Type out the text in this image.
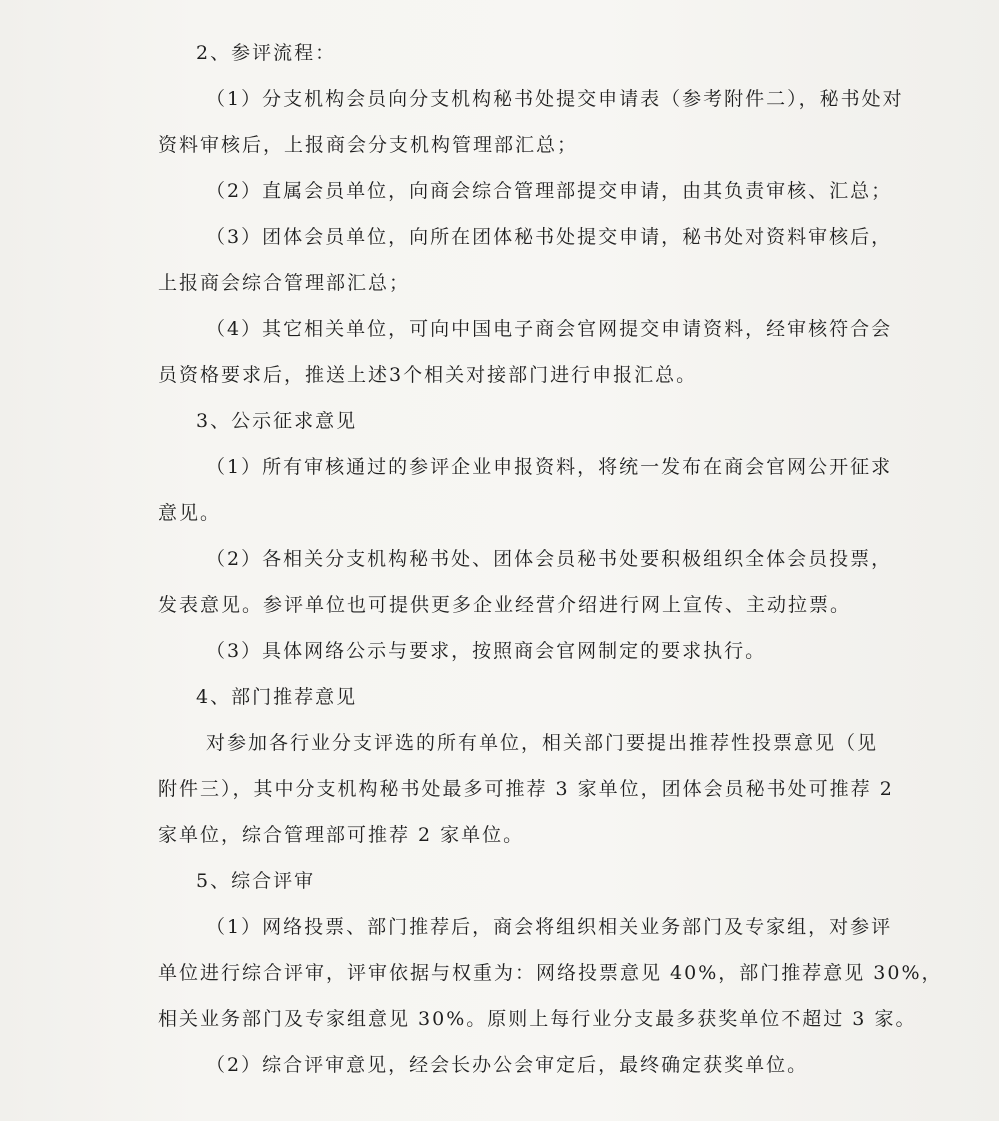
2、参评流程：
（1）分支机构会员向分支机构秘书处提交申请表（参考附件二），秘书处对
资料审核后，上报商会分支机构管理部汇总；
（2）直属会员单位，向商会综合管理部提交申请，由其负责审核、汇总；
（3）团体会员单位，向所在团体秘书处提交申请，秘书处对资料审核后，
上报商会综合管理部汇总；
（4）其它相关单位，可向中国电子商会官网提交申请资料，经审核符合会
员资格要求后，推送上述3个相关对接部门进行申报汇总。
3、公示征求意见
（1）所有审核通过的参评企业申报资料，将统一发布在商会官网公开征求
意见。
（2）各相关分支机构秘书处、团体会员秘书处要积极组织全体会员投票，
发表意见。参评单位也可提供更多企业经营介绍进行网上宣传、主动拉票。
（3）具体网络公示与要求，按照商会官网制定的要求执行。
4、部门推荐意见
对参加各行业分支评选的所有单位，相关部门要提出推荐性投票意见（见
附件三），其中分支机构秘书处最多可推荐 3 家单位，团体会员秘书处可推荐 2
家单位，综合管理部可推荐 2 家单位。
5、综合评审
（1）网络投票、部门推荐后，商会将组织相关业务部门及专家组，对参评
单位进行综合评审，评审依据与权重为：网络投票意见 40%，部门推荐意见 30%，
相关业务部门及专家组意见 30%。原则上每行业分支最多获奖单位不超过 3 家。
（2）综合评审意见，经会长办公会审定后，最终确定获奖单位。
